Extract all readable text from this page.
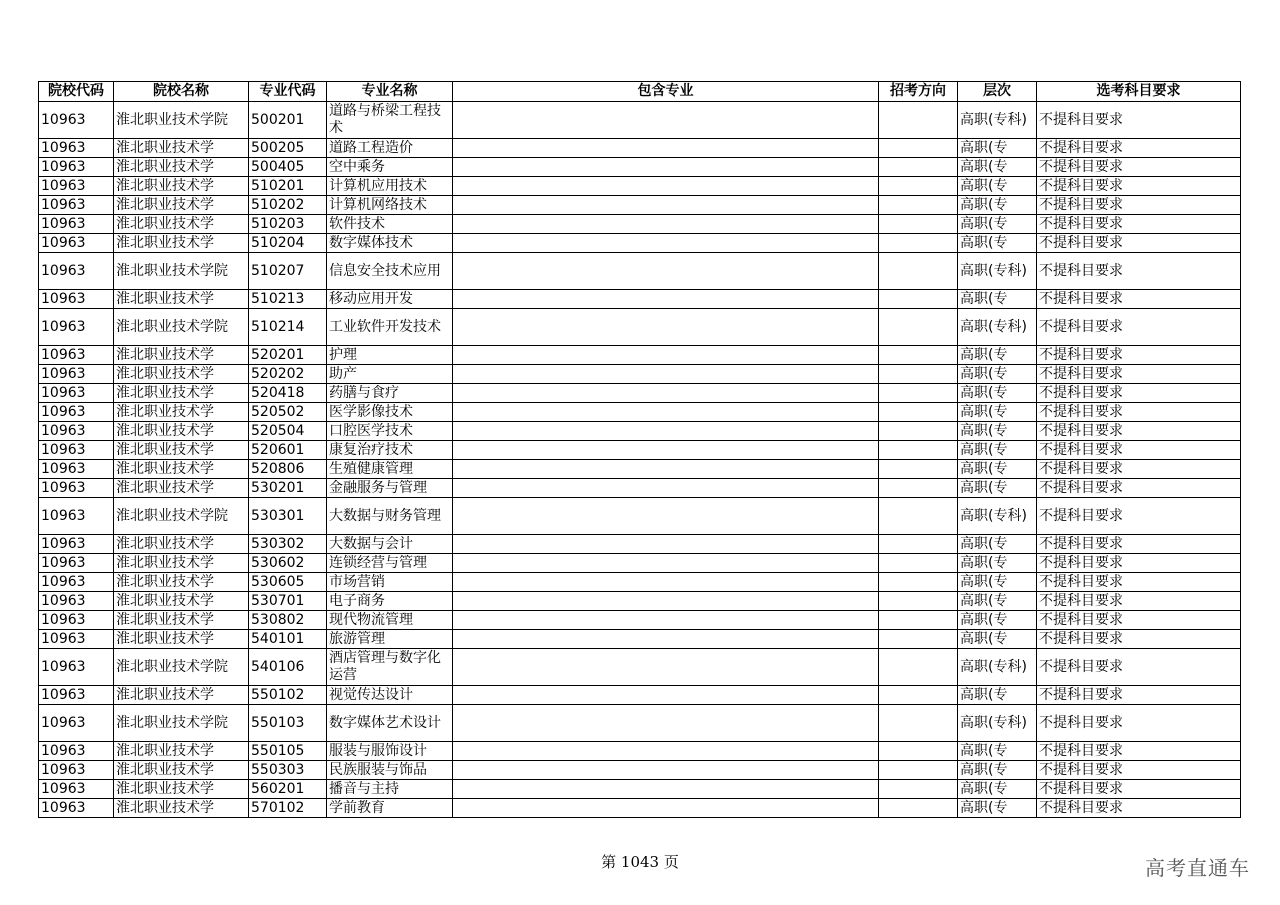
院校代码	院校名称	专业代码	专业名称	包含专业	招考方向	层次	选考科目要求
10963	淮北职业技术学院	500201	道路与桥梁工程技术			高职(专科)	不提科目要求
10963	淮北职业技术学	500205	道路工程造价			高职(专	不提科目要求
10963	淮北职业技术学	500405	空中乘务			高职(专	不提科目要求
10963	淮北职业技术学	510201	计算机应用技术			高职(专	不提科目要求
10963	淮北职业技术学	510202	计算机网络技术			高职(专	不提科目要求
10963	淮北职业技术学	510203	软件技术			高职(专	不提科目要求
10963	淮北职业技术学	510204	数字媒体技术			高职(专	不提科目要求
10963	淮北职业技术学院	510207	信息安全技术应用			高职(专科)	不提科目要求
10963	淮北职业技术学	510213	移动应用开发			高职(专	不提科目要求
10963	淮北职业技术学院	510214	工业软件开发技术			高职(专科)	不提科目要求
10963	淮北职业技术学	520201	护理			高职(专	不提科目要求
10963	淮北职业技术学	520202	助产			高职(专	不提科目要求
10963	淮北职业技术学	520418	药膳与食疗			高职(专	不提科目要求
10963	淮北职业技术学	520502	医学影像技术			高职(专	不提科目要求
10963	淮北职业技术学	520504	口腔医学技术			高职(专	不提科目要求
10963	淮北职业技术学	520601	康复治疗技术			高职(专	不提科目要求
10963	淮北职业技术学	520806	生殖健康管理			高职(专	不提科目要求
10963	淮北职业技术学	530201	金融服务与管理			高职(专	不提科目要求
10963	淮北职业技术学院	530301	大数据与财务管理			高职(专科)	不提科目要求
10963	淮北职业技术学	530302	大数据与会计			高职(专	不提科目要求
10963	淮北职业技术学	530602	连锁经营与管理			高职(专	不提科目要求
10963	淮北职业技术学	530605	市场营销			高职(专	不提科目要求
10963	淮北职业技术学	530701	电子商务			高职(专	不提科目要求
10963	淮北职业技术学	530802	现代物流管理			高职(专	不提科目要求
10963	淮北职业技术学	540101	旅游管理			高职(专	不提科目要求
10963	淮北职业技术学院	540106	酒店管理与数字化运营			高职(专科)	不提科目要求
10963	淮北职业技术学	550102	视觉传达设计			高职(专	不提科目要求
10963	淮北职业技术学院	550103	数字媒体艺术设计			高职(专科)	不提科目要求
10963	淮北职业技术学	550105	服装与服饰设计			高职(专	不提科目要求
10963	淮北职业技术学	550303	民族服装与饰品			高职(专	不提科目要求
10963	淮北职业技术学	560201	播音与主持			高职(专	不提科目要求
10963	淮北职业技术学	570102	学前教育			高职(专	不提科目要求
第 1043 页	高考直通车
